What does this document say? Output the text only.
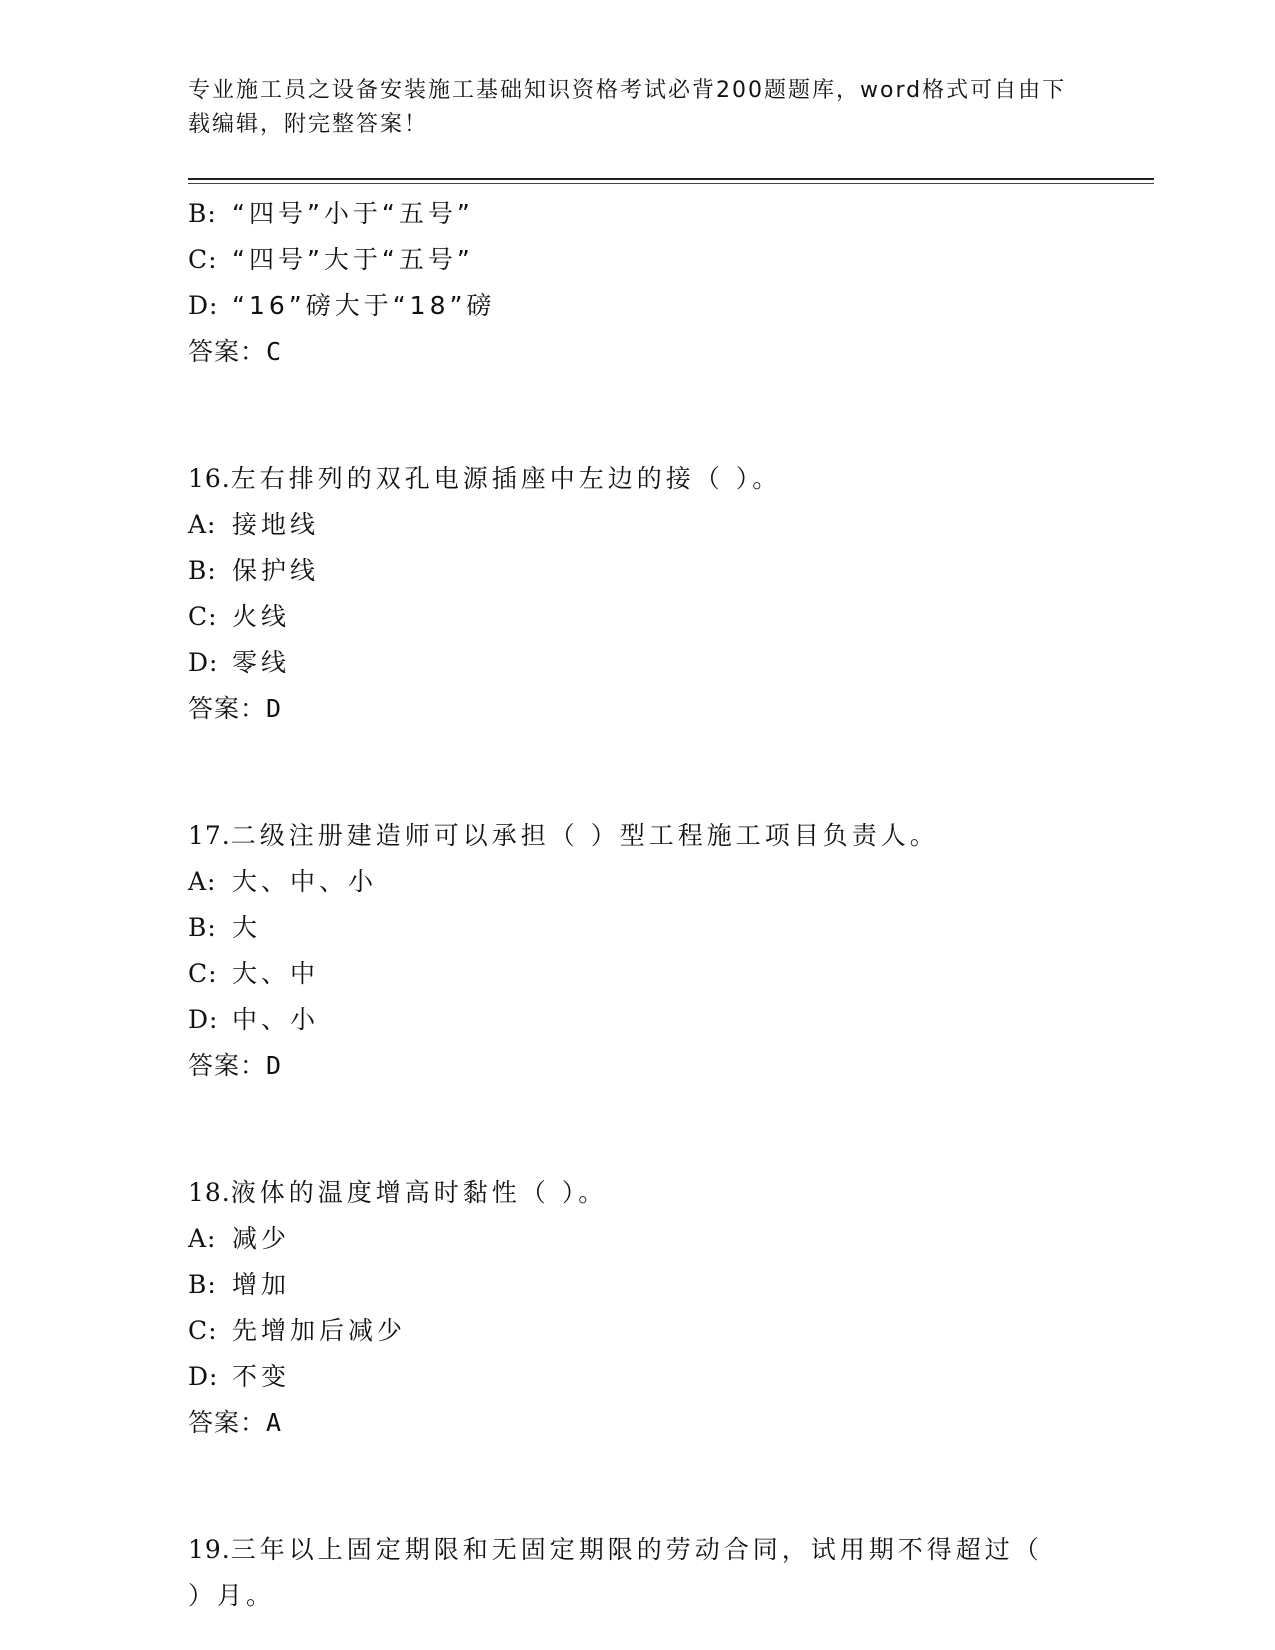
专业施工员之设备安装施工基础知识资格考试必背200题题库，word格式可自由下载编辑，附完整答案！
B: “四号”小于“五号”
C: “四号”大于“五号”
D: “16”磅大于“18”磅
答案：C
16.左右排列的双孔电源插座中左边的接（ ）。
A: 接地线
B: 保护线
C: 火线
D: 零线
答案：D
17.二级注册建造师可以承担（ ）型工程施工项目负责人。
A: 大、中、小
B: 大
C: 大、中
D: 中、小
答案：D
18.液体的温度增高时黏性（ ）。
A: 减少
B: 增加
C: 先增加后减少
D: 不变
答案：A
19.三年以上固定期限和无固定期限的劳动合同，试用期不得超过（ ）月。
